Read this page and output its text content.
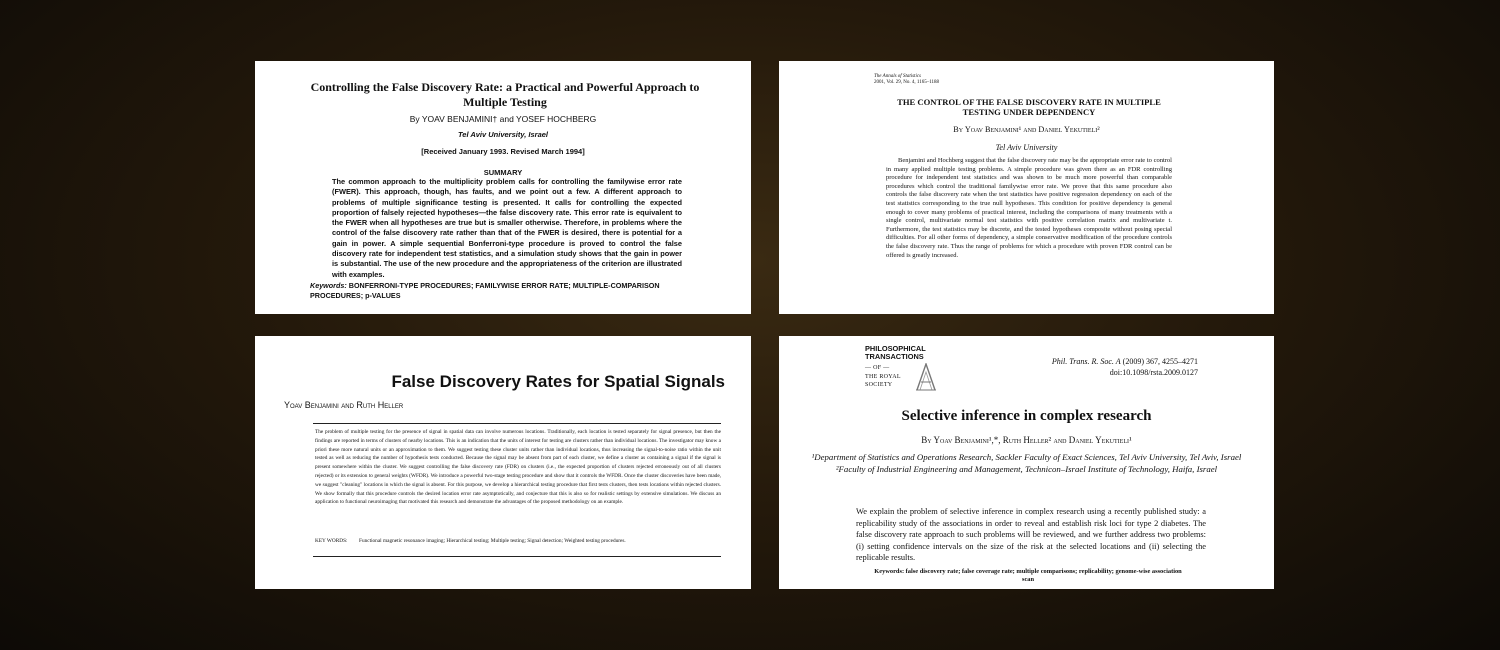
Controlling the False Discovery Rate: a Practical and Powerful Approach to Multiple Testing
By YOAV BENJAMINI† and YOSEF HOCHBERG
Tel Aviv University, Israel
[Received January 1993. Revised March 1994]
SUMMARY
The common approach to the multiplicity problem calls for controlling the familywise error rate (FWER). This approach, though, has faults, and we point out a few. A different approach to problems of multiple significance testing is presented. It calls for controlling the expected proportion of falsely rejected hypotheses—the false discovery rate. This error rate is equivalent to the FWER when all hypotheses are true but is smaller otherwise. Therefore, in problems where the control of the false discovery rate rather than that of the FWER is desired, there is potential for a gain in power. A simple sequential Bonferroni-type procedure is proved to control the false discovery rate for independent test statistics, and a simulation study shows that the gain in power is substantial. The use of the new procedure and the appropriateness of the criterion are illustrated with examples.
Keywords: BONFERRONI-TYPE PROCEDURES; FAMILYWISE ERROR RATE; MULTIPLE-COMPARISON PROCEDURES; p-VALUES
The Annals of Statistics
2001, Vol. 29, No. 4, 1165–1188
THE CONTROL OF THE FALSE DISCOVERY RATE IN MULTIPLE TESTING UNDER DEPENDENCY
By Yoav Benjamini¹ and Daniel Yekutieli²
Tel Aviv University
Benjamini and Hochberg suggest that the false discovery rate may be the appropriate error rate to control in many applied multiple testing problems. A simple procedure was given there as an FDR controlling procedure for independent test statistics and was shown to be much more powerful than comparable procedures which control the traditional familywise error rate. We prove that this same procedure also controls the false discovery rate when the test statistics have positive regression dependency on each of the test statistics corresponding to the true null hypotheses. This condition for positive dependency is general enough to cover many problems of practical interest, including the comparisons of many treatments with a single control, multivariate normal test statistics with positive correlation matrix and multivariate t. Furthermore, the test statistics may be discrete, and the tested hypotheses composite without posing special difficulties. For all other forms of dependency, a simple conservative modification of the procedure controls the false discovery rate. Thus the range of problems for which a procedure with proven FDR control can be offered is greatly increased.
False Discovery Rates for Spatial Signals
Yoav Benjamini and Ruth Heller
The problem of multiple testing for the presence of signal in spatial data can involve numerous locations. Traditionally, each location is tested separately for signal presence, but then the findings are reported in terms of clusters of nearby locations. This is an indication that the units of interest for testing are clusters rather than individual locations. The investigator may know a priori these more natural units or an approximation to them. We suggest testing these cluster units rather than individual locations, thus increasing the signal-to-noise ratio within the unit tested as well as reducing the number of hypothesis tests conducted. Because the signal may be absent from part of each cluster, we define a cluster as containing a signal if the signal is present somewhere within the cluster. We suggest controlling the false discovery rate (FDR) on clusters (i.e., the expected proportion of clusters rejected erroneously out of all clusters rejected) or its extension to general weights (WFDR). We introduce a powerful two-stage testing procedure and show that it controls the WFDR. Once the cluster discoveries have been made, we suggest "cleaning" locations in which the signal is absent. For this purpose, we develop a hierarchical testing procedure that first tests clusters, then tests locations within rejected clusters. We show formally that this procedure controls the desired location error rate asymptotically, and conjecture that this is also so for realistic settings by extensive simulations. We discuss an application to functional neuroimaging that motivated this research and demonstrate the advantages of the proposed methodology on an example.
KEY WORDS:	Functional magnetic resonance imaging; Hierarchical testing; Multiple testing; Signal detection; Weighted testing procedures.
PHILOSOPHICAL
TRANSACTIONS
— OF —
THE ROYAL
SOCIETY
Phil. Trans. R. Soc. A (2009) 367, 4255–4271
doi:10.1098/rsta.2009.0127
Selective inference in complex research
By Yoav Benjamini¹,*, Ruth Heller² and Daniel Yekutieli¹
¹Department of Statistics and Operations Research, Sackler Faculty of Exact Sciences, Tel Aviv University, Tel Aviv, Israel
²Faculty of Industrial Engineering and Management, Technicon–Israel Institute of Technology, Haifa, Israel
We explain the problem of selective inference in complex research using a recently published study: a replicability study of the associations in order to reveal and establish risk loci for type 2 diabetes. The false discovery rate approach to such problems will be reviewed, and we further address two problems: (i) setting confidence intervals on the size of the risk at the selected locations and (ii) selecting the replicable results.
Keywords: false discovery rate; false coverage rate; multiple comparisons; replicability; genome-wise association scan
